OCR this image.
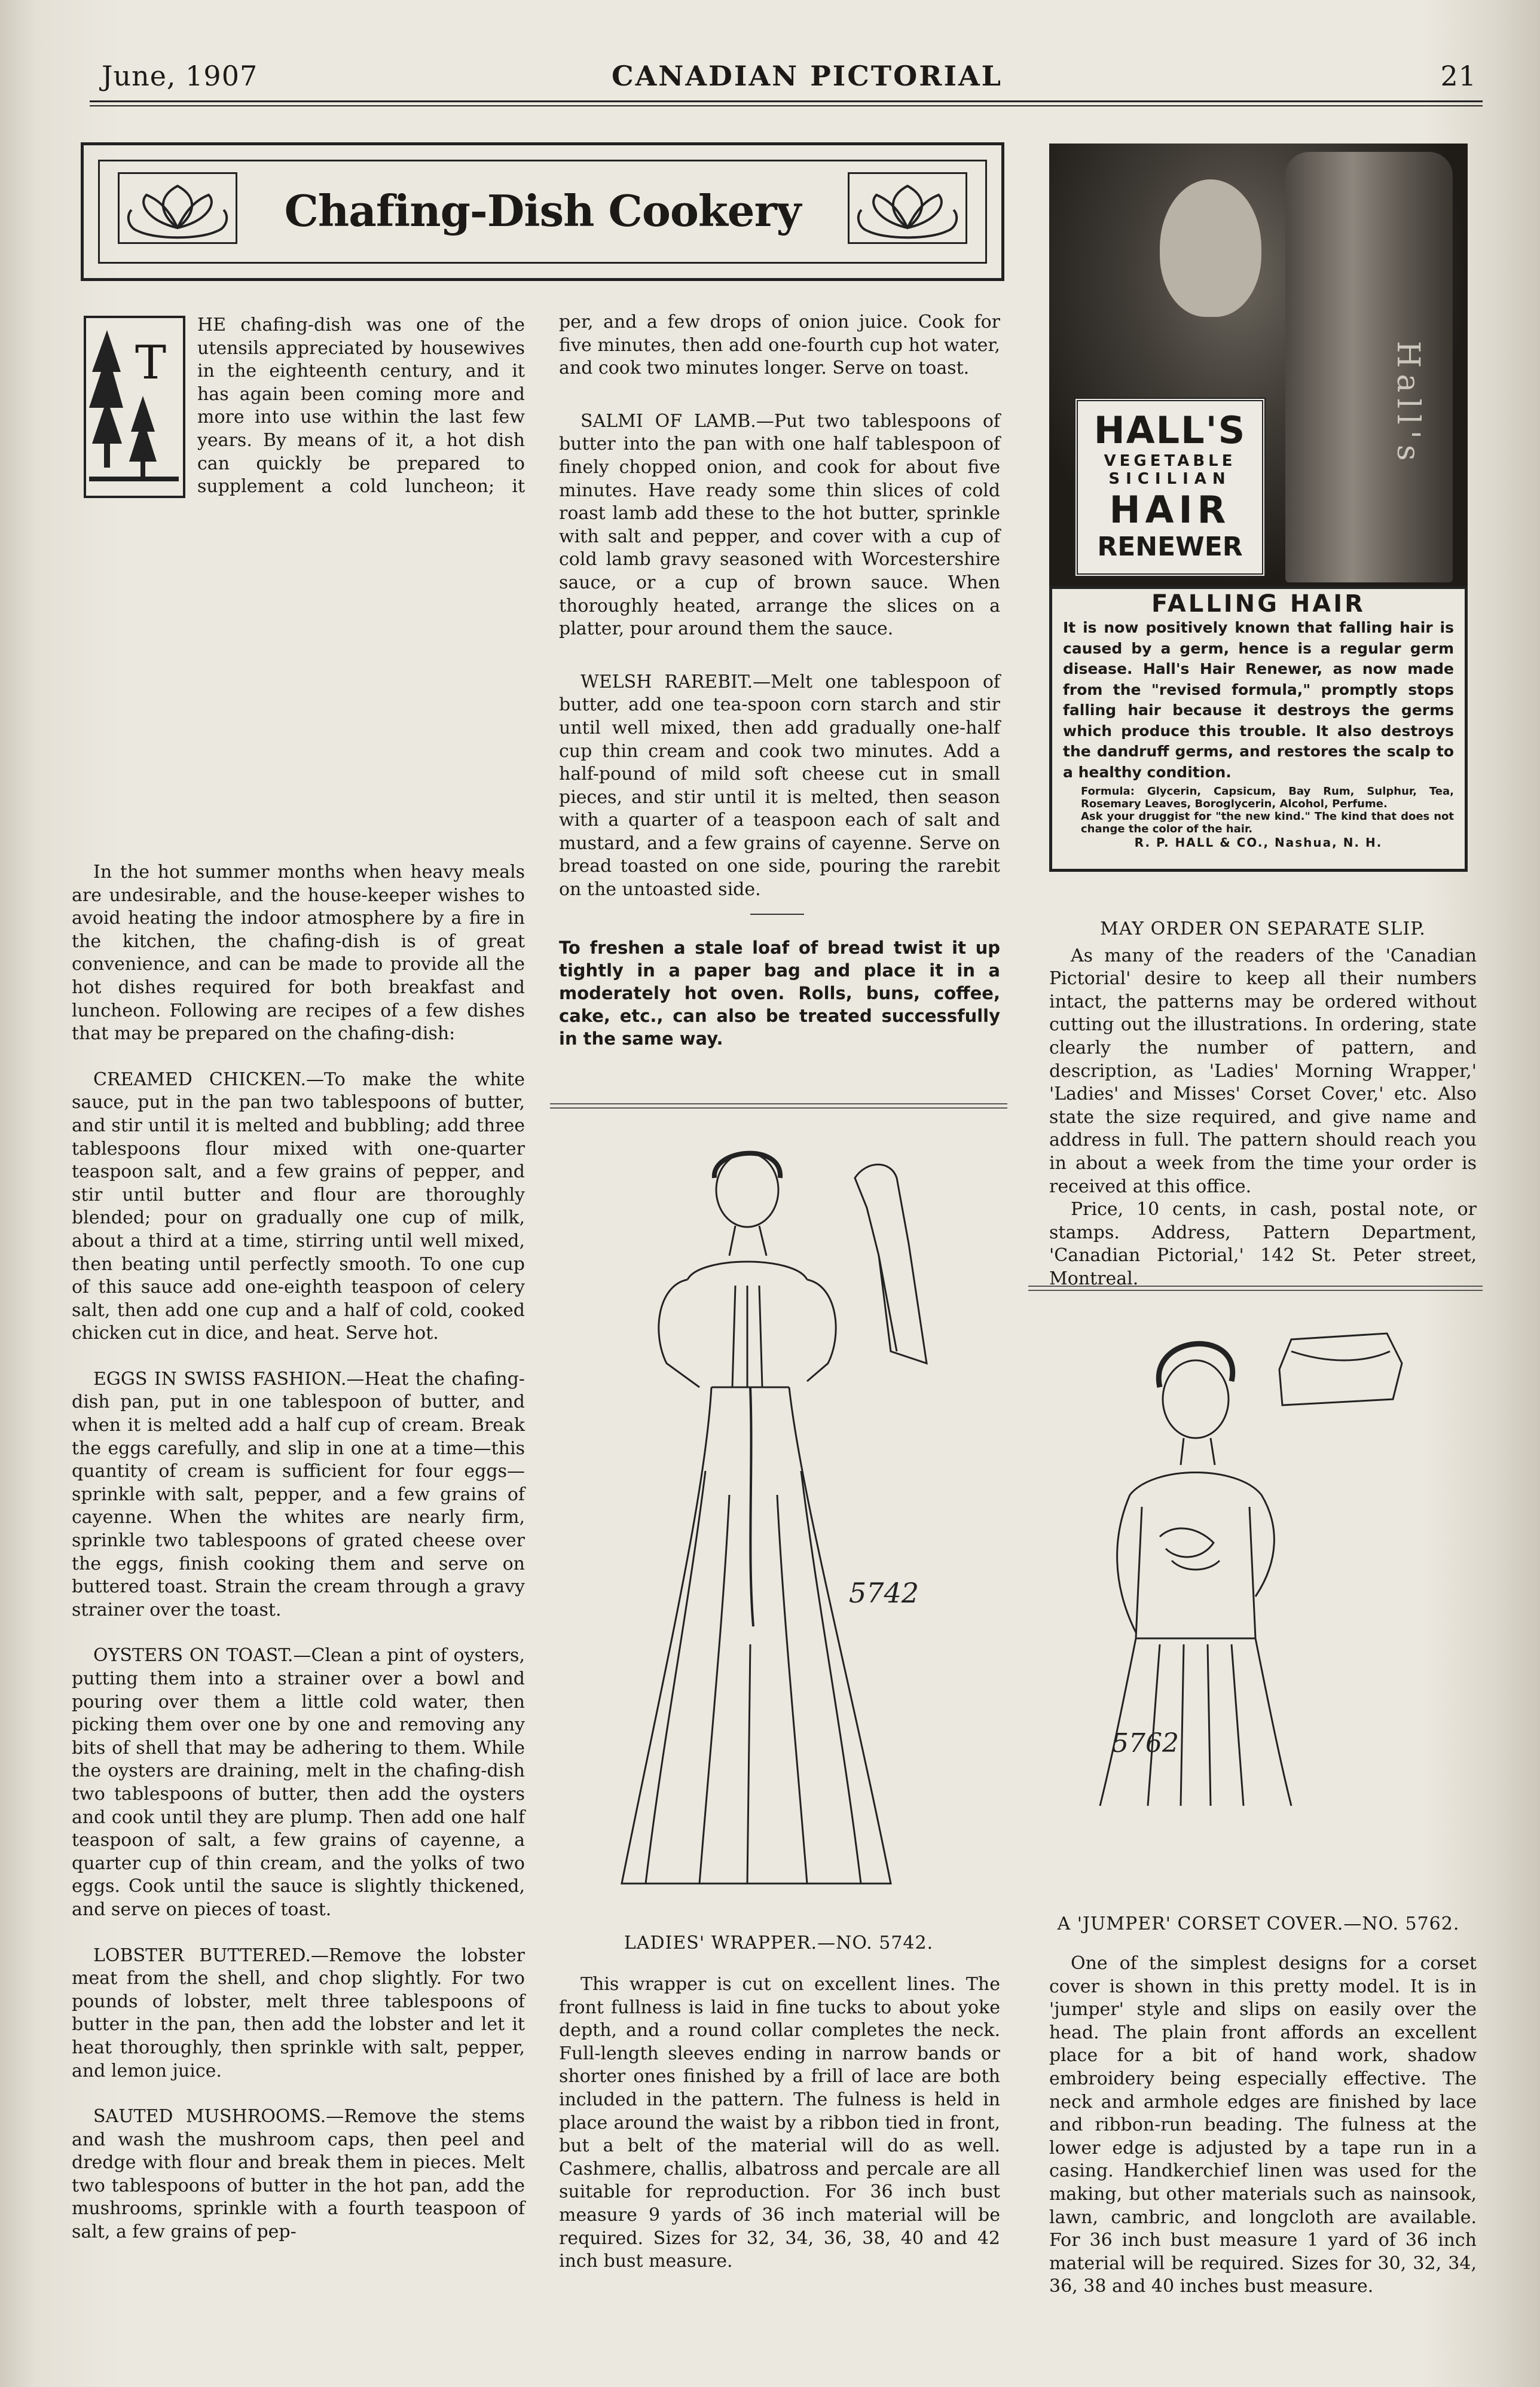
June, 1907	CANADIAN PICTORIAL	21
Chafing-Dish Cookery
T

HE chafing-dish was one of the utensils appreciated by housewives in the eighteenth century, and it has again been coming more and more into use within the last few years. By means of it, a hot dish can quickly be prepared to supplement a cold luncheon; it

In the hot summer months when heavy meals are undesirable, and the house-keeper wishes to avoid heating the indoor atmosphere by a fire in the kitchen, the chafing-dish is of great convenience, and can be made to provide all the hot dishes required for both breakfast and luncheon. Following are recipes of a few dishes that may be prepared on the chafing-dish:

CREAMED CHICKEN.—To make the white sauce, put in the pan two tablespoons of butter, and stir until it is melted and bubbling; add three tablespoons flour mixed with one-quarter teaspoon salt, and a few grains of pepper, and stir until butter and flour are thoroughly blended; pour on gradually one cup of milk, about a third at a time, stirring until well mixed, then beating until perfectly smooth. To one cup of this sauce add one-eighth teaspoon of celery salt, then add one cup and a half of cold, cooked chicken cut in dice, and heat. Serve hot.

EGGS IN SWISS FASHION.—Heat the chafing-dish pan, put in one tablespoon of butter, and when it is melted add a half cup of cream. Break the eggs carefully, and slip in one at a time—this quantity of cream is sufficient for four eggs—sprinkle with salt, pepper, and a few grains of cayenne. When the whites are nearly firm, sprinkle two tablespoons of grated cheese over the eggs, finish cooking them and serve on buttered toast. Strain the cream through a gravy strainer over the toast.

OYSTERS ON TOAST.—Clean a pint of oysters, putting them into a strainer over a bowl and pouring over them a little cold water, then picking them over one by one and removing any bits of shell that may be adhering to them. While the oysters are draining, melt in the chafing-dish two tablespoons of butter, then add the oysters and cook until they are plump. Then add one half teaspoon of salt, a few grains of cayenne, a quarter cup of thin cream, and the yolks of two eggs. Cook until the sauce is slightly thickened, and serve on pieces of toast.

LOBSTER BUTTERED.—Remove the lobster meat from the shell, and chop slightly. For two pounds of lobster, melt three tablespoons of butter in the pan, then add the lobster and let it heat thoroughly, then sprinkle with salt, pepper, and lemon juice.

SAUTED MUSHROOMS.—Remove the stems and wash the mushroom caps, then peel and dredge with flour and break them in pieces. Melt two tablespoons of butter in the hot pan, add the mushrooms, sprinkle with a fourth teaspoon of salt, a few grains of pep-

per, and a few drops of onion juice. Cook for five minutes, then add one-fourth cup hot water, and cook two minutes longer. Serve on toast.

SALMI OF LAMB.—Put two tablespoons of butter into the pan with one half tablespoon of finely chopped onion, and cook for about five minutes. Have ready some thin slices of cold roast lamb add these to the hot butter, sprinkle with salt and pepper, and cover with a cup of cold lamb gravy seasoned with Worcestershire sauce, or a cup of brown sauce. When thoroughly heated, arrange the slices on a platter, pour around them the sauce.

WELSH RAREBIT.—Melt one tablespoon of butter, add one tea-spoon corn starch and stir until well mixed, then add gradually one-half cup thin cream and cook two minutes. Add a half-pound of mild soft cheese cut in small pieces, and stir until it is melted, then season with a quarter of a teaspoon each of salt and mustard, and a few grains of cayenne. Serve on bread toasted on one side, pouring the rarebit on the untoasted side.

To freshen a stale loaf of bread twist it up tightly in a paper bag and place it in a moderately hot oven. Rolls, buns, coffee, cake, etc., can also be treated successfully in the same way.

Hall's
HALL'S
VEGETABLE
SICILIAN
HAIR
RENEWER
FALLING HAIR
It is now positively known that falling hair is caused by a germ, hence is a regular germ disease. Hall's Hair Renewer, as now made from the "revised formula," promptly stops falling hair because it destroys the germs which produce this trouble. It also destroys the dandruff germs, and restores the scalp to a healthy condition.
Formula: Glycerin, Capsicum, Bay Rum, Sulphur, Tea, Rosemary Leaves, Boroglycerin, Alcohol, Perfume.
Ask your druggist for "the new kind." The kind that does not change the color of the hair.
R. P. HALL & CO., Nashua, N. H.

MAY ORDER ON SEPARATE SLIP.

As many of the readers of the 'Canadian Pictorial' desire to keep all their numbers intact, the patterns may be ordered without cutting out the illustrations. In ordering, state clearly the number of pattern, and description, as 'Ladies' Morning Wrapper,' 'Ladies' and Misses' Corset Cover,' etc. Also state the size required, and give name and address in full. The pattern should reach you in about a week from the time your order is received at this office.

Price, 10 cents, in cash, postal note, or stamps. Address, Pattern Department, 'Canadian Pictorial,' 142 St. Peter street, Montreal.

5742
LADIES' WRAPPER.—NO. 5742.

This wrapper is cut on excellent lines. The front fullness is laid in fine tucks to about yoke depth, and a round collar completes the neck. Full-length sleeves ending in narrow bands or shorter ones finished by a frill of lace are both included in the pattern. The fulness is held in place around the waist by a ribbon tied in front, but a belt of the material will do as well. Cashmere, challis, albatross and percale are all suitable for reproduction. For 36 inch bust measure 9 yards of 36 inch material will be required. Sizes for 32, 34, 36, 38, 40 and 42 inch bust measure.

5762
A 'JUMPER' CORSET COVER.—NO. 5762.

One of the simplest designs for a corset cover is shown in this pretty model. It is in 'jumper' style and slips on easily over the head. The plain front affords an excellent place for a bit of hand work, shadow embroidery being especially effective. The neck and armhole edges are finished by lace and ribbon-run beading. The fulness at the lower edge is adjusted by a tape run in a casing. Handkerchief linen was used for the making, but other materials such as nainsook, lawn, cambric, and longcloth are available. For 36 inch bust measure 1 yard of 36 inch material will be required. Sizes for 30, 32, 34, 36, 38 and 40 inches bust measure.
